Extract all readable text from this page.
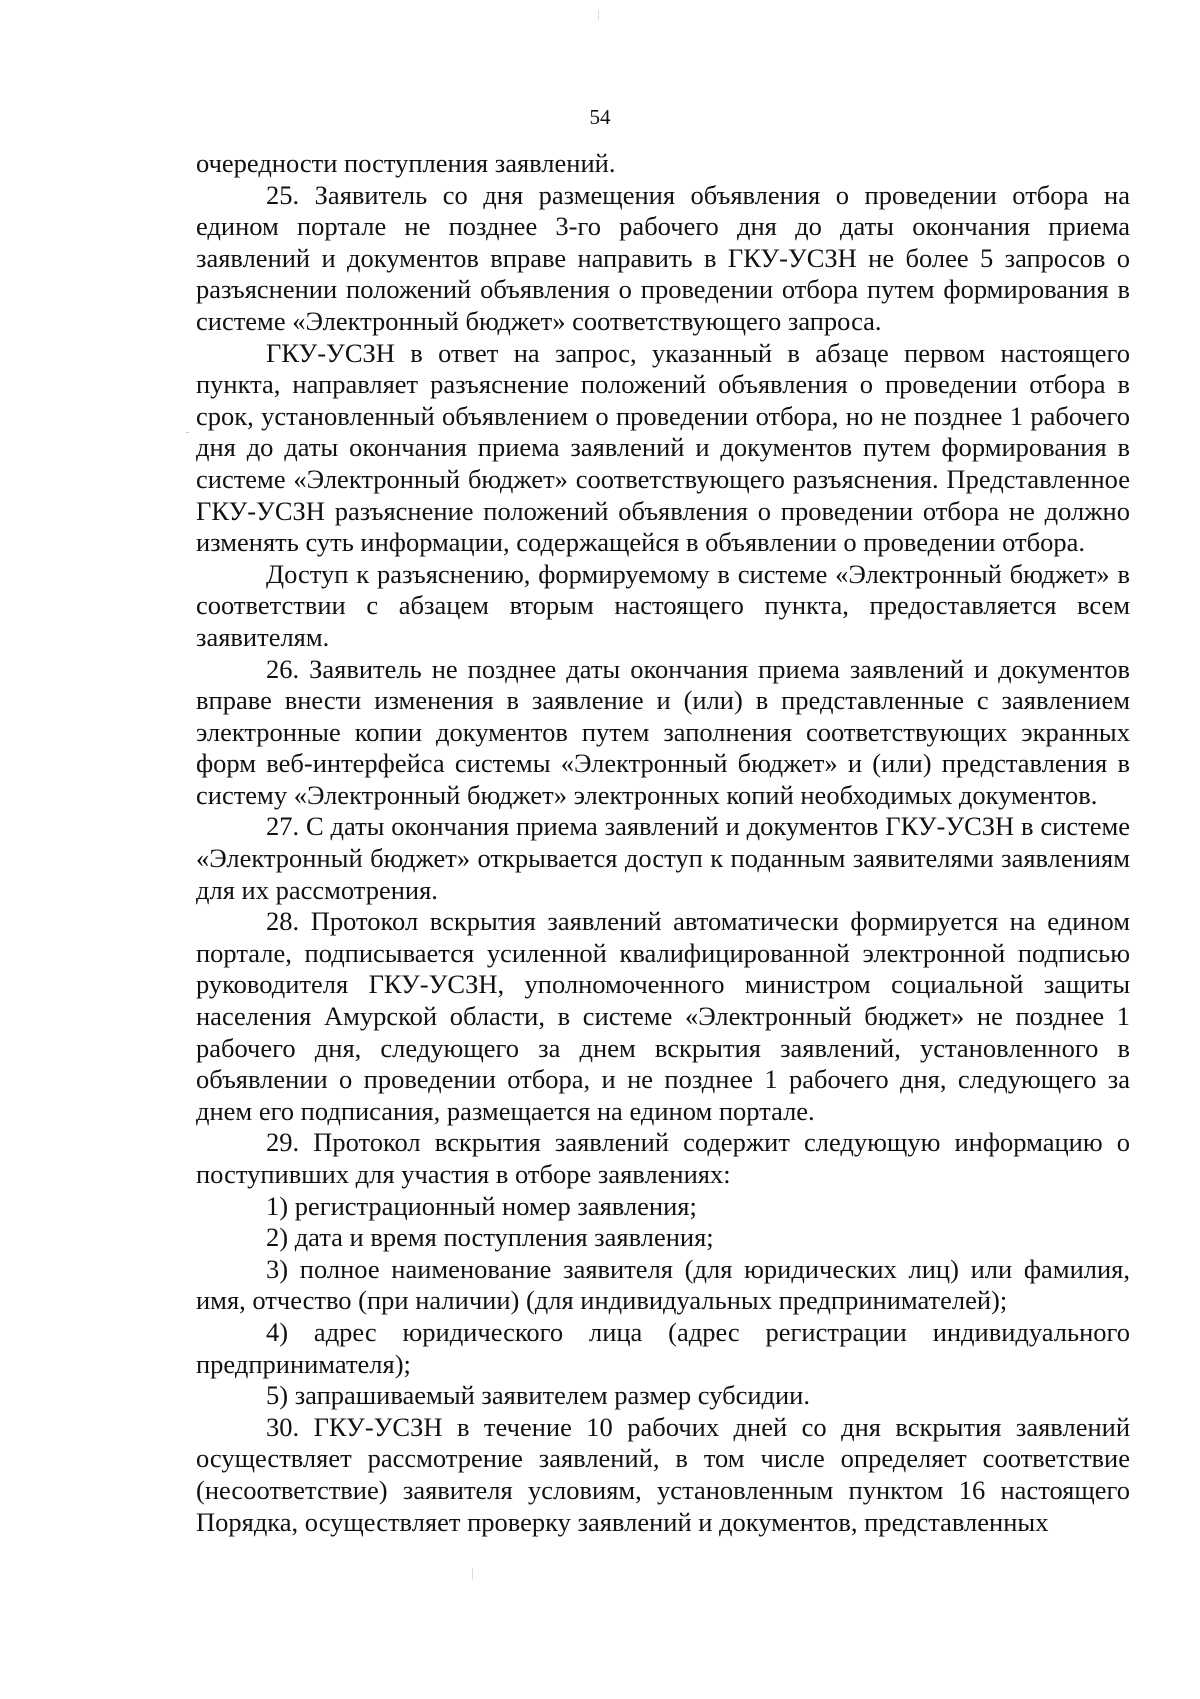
54

очередности поступления заявлений.

25. Заявитель со дня размещения объявления о проведении отбора на едином портале не позднее 3-го рабочего дня до даты окончания приема заявлений и документов вправе направить в ГКУ-УСЗН не более 5 запросов о разъяснении положений объявления о проведении отбора путем формирования в системе «Электронный бюджет» соответствующего запроса.

ГКУ-УСЗН в ответ на запрос, указанный в абзаце первом настоящего пункта, направляет разъяснение положений объявления о проведении отбора в срок, установленный объявлением о проведении отбора, но не позднее 1 рабочего дня до даты окончания приема заявлений и документов путем формирования в системе «Электронный бюджет» соответствующего разъяснения. Представленное ГКУ-УСЗН разъяснение положений объявления о проведении отбора не должно изменять суть информации, содержащейся в объявлении о проведении отбора.

Доступ к разъяснению, формируемому в системе «Электронный бюджет» в соответствии с абзацем вторым настоящего пункта, предоставляется всем заявителям.

26. Заявитель не позднее даты окончания приема заявлений и документов вправе внести изменения в заявление и (или) в представленные с заявлением электронные копии документов путем заполнения соответствующих экранных форм веб-интерфейса системы «Электронный бюджет» и (или) представления в систему «Электронный бюджет» электронных копий необходимых документов.

27. С даты окончания приема заявлений и документов ГКУ-УСЗН в системе «Электронный бюджет» открывается доступ к поданным заявителями заявлениям для их рассмотрения.

28. Протокол вскрытия заявлений автоматически формируется на едином портале, подписывается усиленной квалифицированной электронной подписью руководителя ГКУ-УСЗН, уполномоченного министром социальной защиты населения Амурской области, в системе «Электронный бюджет» не позднее 1 рабочего дня, следующего за днем вскрытия заявлений, установленного в объявлении о проведении отбора, и не позднее 1 рабочего дня, следующего за днем его подписания, размещается на едином портале.

29. Протокол вскрытия заявлений содержит следующую информацию о поступивших для участия в отборе заявлениях:

1) регистрационный номер заявления;

2) дата и время поступления заявления;

3) полное наименование заявителя (для юридических лиц) или фамилия, имя, отчество (при наличии) (для индивидуальных предпринимателей);

4) адрес юридического лица (адрес регистрации индивидуального предпринимателя);

5) запрашиваемый заявителем размер субсидии.

30. ГКУ-УСЗН в течение 10 рабочих дней со дня вскрытия заявлений осуществляет рассмотрение заявлений, в том числе определяет соответствие (несоответствие) заявителя условиям, установленным пунктом 16 настоящего Порядка, осуществляет проверку заявлений и документов, представленных
